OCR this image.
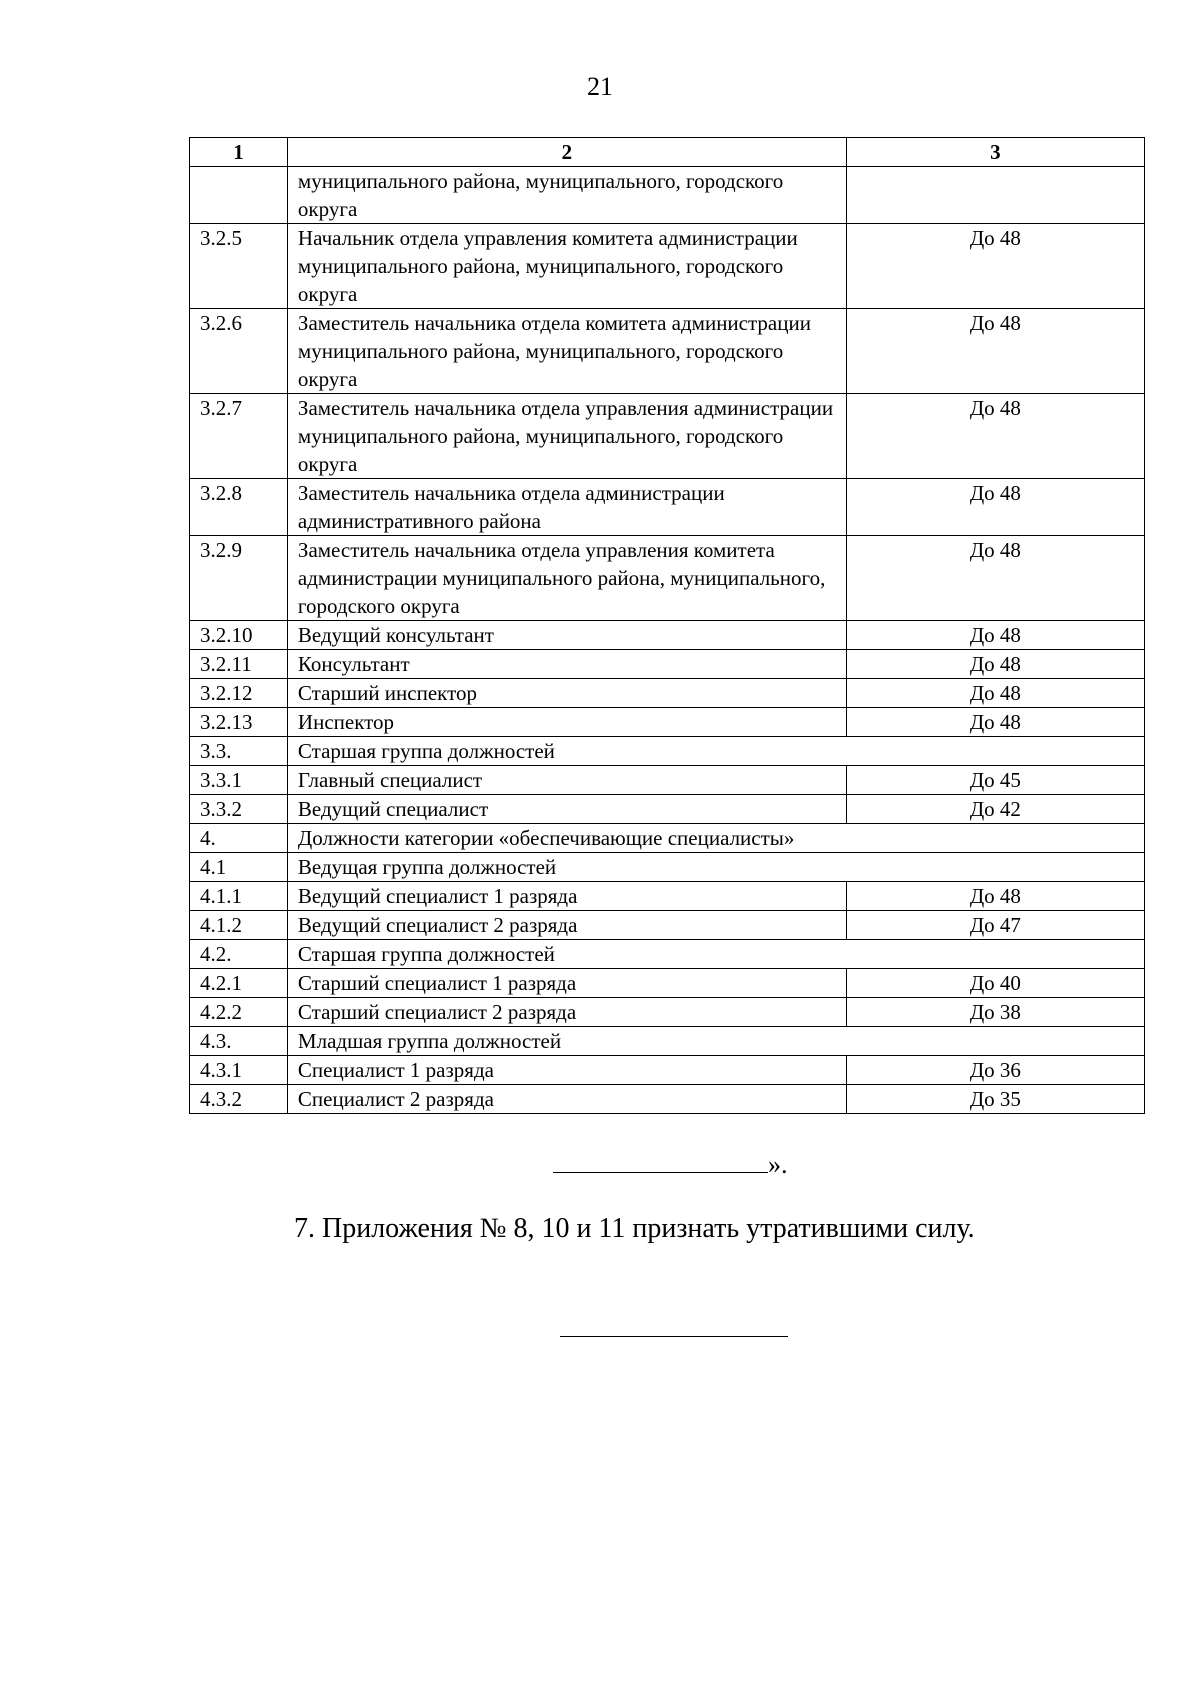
21
1	2	3
	муниципального района, муниципального, городского округа	
3.2.5	Начальник отдела управления комитета администрации муниципального района, муниципального, городского округа	До 48
3.2.6	Заместитель начальника отдела комитета администрации муниципального района, муниципального, городского округа	До 48
3.2.7	Заместитель начальника отдела управления администрации муниципального района, муниципального, городского округа	До 48
3.2.8	Заместитель начальника отдела администрации административного района	До 48
3.2.9	Заместитель начальника отдела управления комитета администрации муниципального района, муниципального, городского округа	До 48
3.2.10	Ведущий консультант	До 48
3.2.11	Консультант	До 48
3.2.12	Старший инспектор	До 48
3.2.13	Инспектор	До 48
3.3.	Старшая группа должностей	
3.3.1	Главный специалист	До 45
3.3.2	Ведущий специалист	До 42
4.	Должности категории «обеспечивающие специалисты»	
4.1	Ведущая группа должностей	
4.1.1	Ведущий специалист 1 разряда	До 48
4.1.2	Ведущий специалист 2 разряда	До 47
4.2.	Старшая группа должностей	
4.2.1	Старший специалист 1 разряда	До 40
4.2.2	Старший специалист 2 разряда	До 38
4.3.	Младшая группа должностей	
4.3.1	Специалист 1 разряда	До 36
4.3.2	Специалист 2 разряда	До 35
».
7. Приложения № 8, 10 и 11 признать утратившими силу.
